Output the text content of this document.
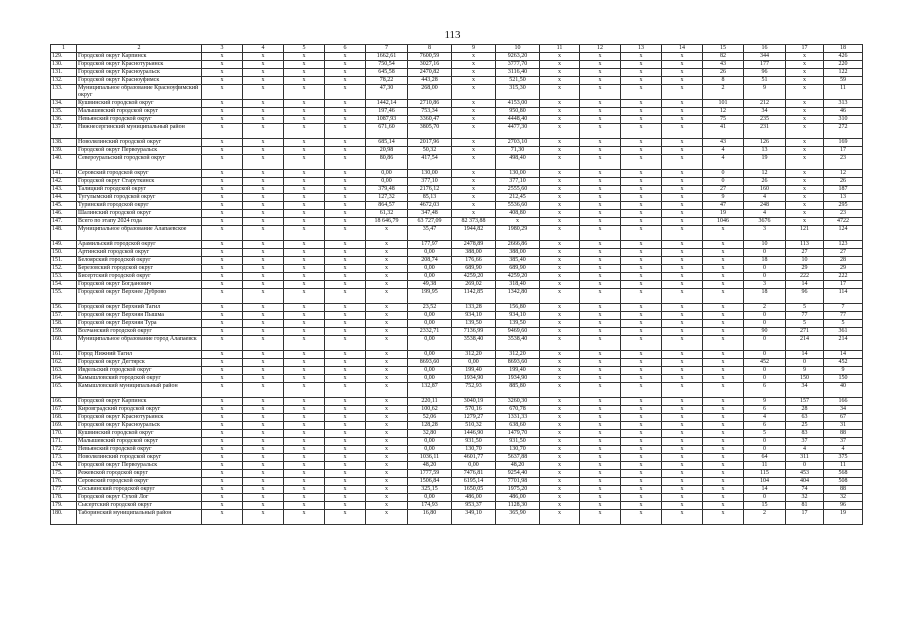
113
1	2	3	4	5	6	7	8	9	10	11	12	13	14	15	16	17	18
129.	Городской округ Карпинск	x	x	x	x	1662,61	7600,59	x	9263,20	x	x	x	x	82	344	x	426
130.	Городской округ Краснотурьинск	x	x	x	x	750,54	3027,16	x	3777,70	x	x	x	x	43	177	x	220
131.	Городской округ Красноуральск	x	x	x	x	645,58	2470,82	x	3116,40	x	x	x	x	26	96	x	122
132.	Городской округ Красноуфимск	x	x	x	x	78,22	443,28	x	521,50	x	x	x	x	8	51	x	59
133.	Муниципальное образование Красноуфимский округ	x	x	x	x	47,30	268,00	x	315,30	x	x	x	x	2	9	x	11
134.	Кушвинский городской округ	x	x	x	x	1442,14	2710,86	x	4153,00	x	x	x	x	101	212	x	313
135.	Малышевский городской округ	x	x	x	x	197,46	753,34	x	950,80	x	x	x	x	12	34	x	46
136.	Невьянский городской округ	x	x	x	x	1087,93	3360,47	x	4448,40	x	x	x	x	75	235	x	310
137.	Нижнесергинский муниципальный район	x	x	x	x	671,60	3805,70	x	4477,30	x	x	x	x	41	231	x	272
138.	Новолялинский городской округ	x	x	x	x	685,14	2017,96	x	2703,10	x	x	x	x	43	126	x	169
139.	Городской округ Первоуральск	x	x	x	x	20,98	50,32	x	71,30	x	x	x	x	4	13	x	17
140.	Североуральский городской округ	x	x	x	x	80,86	417,54	x	498,40	x	x	x	x	4	19	x	23
141.	Серовский городской округ	x	x	x	x	0,00	130,00	x	130,00	x	x	x	x	0	12	x	12
142.	Городской округ Старуткинск	x	x	x	x	0,00	377,10	x	377,10	x	x	x	x	0	26	x	26
143.	Талицкий городской округ	x	x	x	x	379,48	2176,12	x	2555,60	x	x	x	x	27	160	x	187
144.	Тугулымский городской округ	x	x	x	x	127,32	85,13	x	212,45	x	x	x	x	9	4	x	13
145.	Туринский городской округ	x	x	x	x	864,57	4672,03	x	5536,60	x	x	x	x	47	248	x	295
146.	Шалинский городской округ	x	x	x	x	61,32	347,48	x	408,80	x	x	x	x	19	4	x	23
147.	Всего по этапу 2024 года	x	x	x	x	18 646,79	63 727,09	82 373,88	x	x	x	x	x	1046	3676	x	4722
148.	Муниципальное образование Алапаевское	x	x	x	x	x	35,47	1944,82	1980,29	x	x	x	x	x	3	121	124
149.	Арамильский городской округ	x	x	x	x	x	177,97	2478,89	2666,86	x	x	x	x	x	10	113	123
150.	Артинский городской округ	x	x	x	x	x	0,00	388,00	388,00	x	x	x	x	x	0	27	27
151.	Белоярский городской округ	x	x	x	x	x	208,74	176,66	385,40	x	x	x	x	x	18	10	28
152.	Березовский городской округ	x	x	x	x	x	0,00	689,90	689,90	x	x	x	x	x	0	29	29
153.	Бисертский городской округ	x	x	x	x	x	0,00	4259,20	4259,20	x	x	x	x	x	0	222	222
154.	Городской округ Богданович	x	x	x	x	x	49,38	269,02	318,40	x	x	x	x	x	3	14	17
155.	Городской округ Верхнее Дуброво	x	x	x	x	x	199,95	1142,85	1342,80	x	x	x	x	x	18	96	114
156.	Городской округ Верхний Тагил	x	x	x	x	x	23,52	133,28	156,80	x	x	x	x	x	2	5	7
157.	Городской округ Верхняя Пышма	x	x	x	x	x	0,00	934,10	934,10	x	x	x	x	x	0	77	77
158.	Городской округ Верхняя Тура	x	x	x	x	x	0,00	139,50	139,50	x	x	x	x	x	0	5	5
159.	Волчанский городской округ	x	x	x	x	x	2332,71	7136,99	9469,60	x	x	x	x	x	90	271	361
160.	Муниципальное образование город Алапаевск	x	x	x	x	x	0,00	3538,40	3538,40	x	x	x	x	x	0	214	214
161.	Город Нижний Тагил	x	x	x	x	x	0,00	312,20	312,20	x	x	x	x	x	0	14	14
162.	Городской округ Дегтярск	x	x	x	x	x	8693,60	0,00	8693,60	x	x	x	x	x	452	0	452
163.	Ивдельский городской округ	x	x	x	x	x	0,00	199,40	199,40	x	x	x	x	x	0	9	9
164.	Камышловский городской округ	x	x	x	x	x	0,00	1934,90	1934,90	x	x	x	x	x	0	150	150
165.	Камышловский муниципальный район	x	x	x	x	x	132,87	752,93	885,80	x	x	x	x	x	6	34	40
166.	Городской округ Карпинск	x	x	x	x	x	220,11	3040,19	3260,30	x	x	x	x	x	9	157	166
167.	Кировградский городской округ	x	x	x	x	x	100,62	570,16	670,78	x	x	x	x	x	6	28	34
168.	Городской округ Краснотурьинск	x	x	x	x	x	52,06	1279,27	1331,33	x	x	x	x	x	4	63	67
169.	Городской округ Красноуральск	x	x	x	x	x	128,28	510,32	638,60	x	x	x	x	x	6	25	31
170.	Кушвинский городской округ	x	x	x	x	x	32,80	1446,90	1479,70	x	x	x	x	x	5	83	88
171.	Малышевский городской округ	x	x	x	x	x	0,00	931,50	931,50	x	x	x	x	x	0	37	37
172.	Невьянский городской округ	x	x	x	x	x	0,00	130,70	130,70	x	x	x	x	x	0	4	4
173.	Новолялинский городской округ	x	x	x	x	x	1036,11	4601,77	5637,88	x	x	x	x	x	64	311	375
174.	Городской округ Первоуральск	x	x	x	x	x	48,20	0,00	48,20	x	x	x	x	x	11	0	11
175.	Режевской городской округ	x	x	x	x	x	1777,59	7476,81	9254,40	x	x	x	x	x	115	453	568
176.	Серовский городской округ	x	x	x	x	x	1506,84	6195,14	7701,98	x	x	x	x	x	104	404	508
177.	Сосьвинский городской округ	x	x	x	x	x	325,15	1650,05	1975,20	x	x	x	x	x	14	74	88
178.	Городской округ Сухой Лог	x	x	x	x	x	0,00	486,00	486,00	x	x	x	x	x	0	32	32
179.	Сысертский городской округ	x	x	x	x	x	174,93	953,37	1128,30	x	x	x	x	x	15	81	96
180.	Таборинский муниципальный район	x	x	x	x	x	16,80	349,10	365,90	x	x	x	x	x	2	17	19
